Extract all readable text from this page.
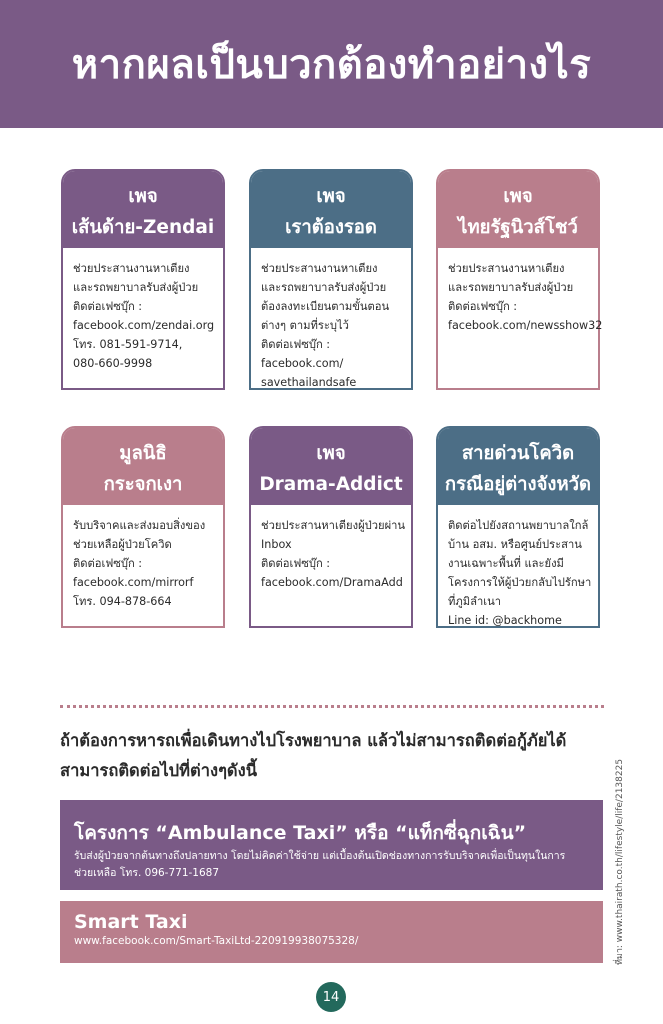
หากผลเป็นบวกต้องทำอย่างไร
เพจ
เส้นด้าย-Zendai
ช่วยประสานงานหาเตียง
และรถพยาบาลรับส่งผู้ป่วย
ติดต่อเฟซบุ๊ก :
facebook.com/zendai.org
โทร. 081-591-9714,
080-660-9998
เพจ
เราต้องรอด
ช่วยประสานงานหาเตียง
และรถพยาบาลรับส่งผู้ป่วย
ต้องลงทะเบียนตามขั้นตอน
ต่างๆ ตามที่ระบุไว้
ติดต่อเฟซบุ๊ก :
facebook.com/
savethailandsafe
เพจ
ไทยรัฐนิวส์โชว์
ช่วยประสานงานหาเตียง
และรถพยาบาลรับส่งผู้ป่วย
ติดต่อเฟซบุ๊ก :
facebook.com/newsshow32
มูลนิธิ
กระจกเงา
รับบริจาคและส่งมอบสิ่งของ
ช่วยเหลือผู้ป่วยโควิด
ติดต่อเฟซบุ๊ก :
facebook.com/mirrorf
โทร. 094-878-664
เพจ
Drama-Addict
ช่วยประสานหาเตียงผู้ป่วยผ่าน
Inbox
ติดต่อเฟซบุ๊ก :
facebook.com/DramaAdd
สายด่วนโควิด
กรณีอยู่ต่างจังหวัด
ติดต่อไปยังสถานพยาบาลใกล้
บ้าน อสม. หรือศูนย์ประสาน
งานเฉพาะพื้นที่ และยังมี
โครงการให้ผู้ป่วยกลับไปรักษา
ที่ภูมิลำเนา
Line id: @backhome
ถ้าต้องการหารถเพื่อเดินทางไปโรงพยาบาล แล้วไม่สามารถติดต่อกู้ภัยได้
สามารถติดต่อไปที่ต่างๆดังนี้
โครงการ “Ambulance Taxi” หรือ “แท็กซี่ฉุกเฉิน”
รับส่งผู้ป่วยจากต้นทางถึงปลายทาง โดยไม่คิดค่าใช้จ่าย แต่เบื้องต้นเปิดช่องทางการรับบริจาคเพื่อเป็นทุนในการ
ช่วยเหลือ โทร. 096-771-1687
Smart Taxi
www.facebook.com/Smart-TaxiLtd-220919938075328/	ที่มา: www.thairath.co.th/lifestyle/life/2138225
14
